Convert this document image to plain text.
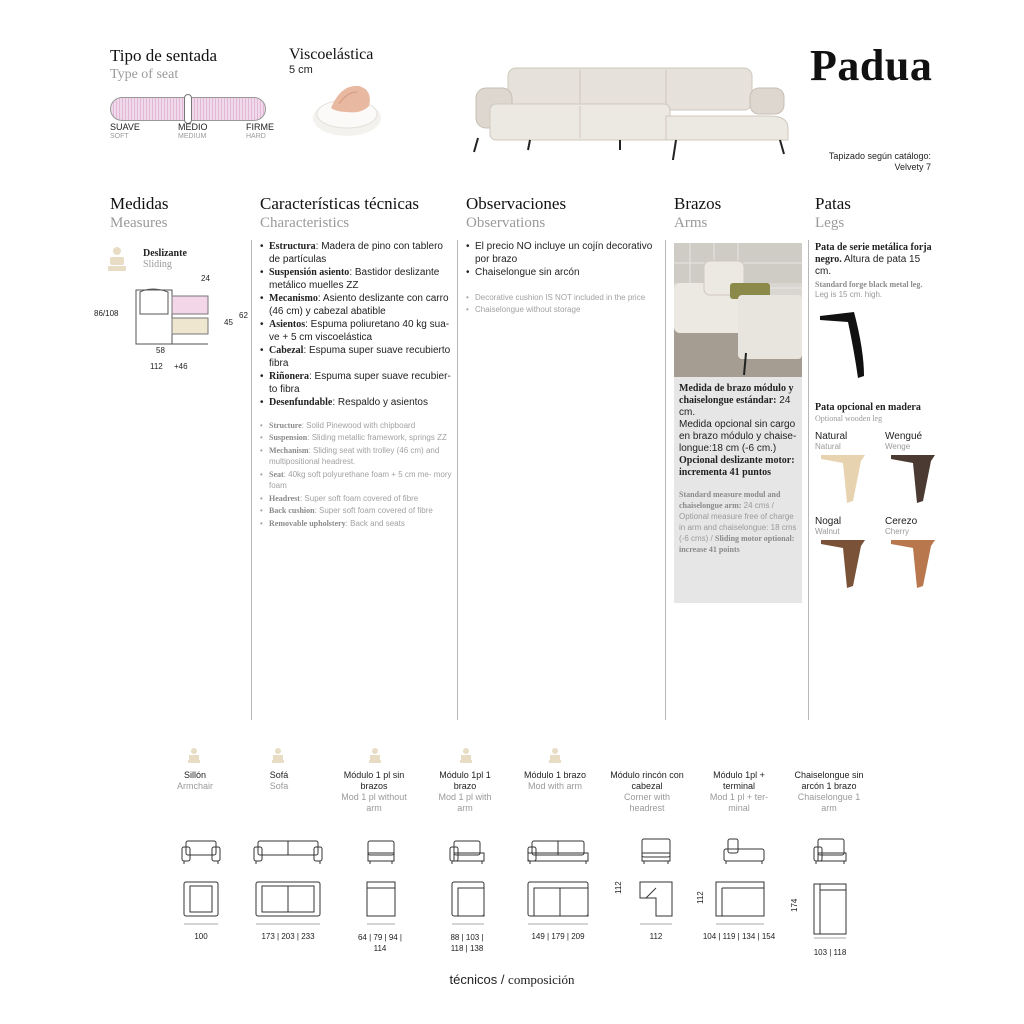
Tipo de sentada
Type of seat
SUAVE
SOFT
MEDIO
MEDIUM
FIRME
HARD
Viscoelástica
5 cm	Padua
Tapizado según catálogo:
Velvety 7
Medidas
Measures
Características técnicas
Characteristics
Observaciones
Observations
Brazos
Arms
Patas
Legs
Deslizante
Sliding
24
86/108	62
45
58
112 +46
• Estructura: Madera de pino con tablero de partículas
• Suspensión asiento: Bastidor deslizante metálico muelles ZZ
• Mecanismo: Asiento deslizante con carro (46 cm) y cabezal abatible
• Asientos: Espuma poliuretano 40 kg sua- ve + 5 cm viscoelástica
• Cabezal: Espuma super suave recubierto fibra
• Riñonera: Espuma super suave recubier- to fibra
• Desenfundable: Respaldo y asientos
• Structure: Solid Pinewood with chipboard
• Suspension: Sliding metallic framework, springs ZZ
• Mechanism: Sliding seat with trolley (46 cm) and multipositional headrest.
• Seat: 40kg soft polyurethane foam + 5 cm me- mory foam
• Headrest: Super soft foam covered of fibre
• Back cushion: Super soft foam covered of fibre
• Removable upholstery: Back and seats
• El precio NO incluye un cojín decorativo por brazo
• Chaiselongue sin arcón
• Decorative cushion IS NOT included in the price
• Chaiselongue without storage
Medida de brazo módulo y chaiselongue estándar: 24 cm.
Medida opcional sin cargo en brazo módulo y chaise- longue:18 cm (-6 cm.)
Opcional deslizante motor: incrementa 41 puntos
Standard measure modul and chaiselongue arm: 24 cms / Optional measure free of charge in arm and chaiselongue: 18 cms (-6 cms) / Sliding motor optional: increase 41 points
Pata de serie metálica forja negro. Altura de pata 15 cm.
Standard forge black metal leg. Leg is 15 cm. high.
Pata opcional en madera
Optional wooden leg
Natural
Natural
Wengué
Wenge
Nogal
Walnut
Cerezo
Cherry
Sillón
Armchair
Sofá
Sofa
Módulo 1 pl sin brazos
Mod 1 pl without arm
Módulo 1pl 1 brazo
Mod 1 pl with arm
Módulo 1 brazo
Mod with arm
Módulo rincón con cabezal
Corner with headrest
Módulo 1pl + terminal
Mod 1 pl + ter- minal
Chaiselongue sin arcón 1 brazo
Chaiselongue 1 arm
112
112
174
100	173 | 203 | 233	64 | 79 | 94 | 114
88 | 103 | 118 | 138
149 | 179 | 209	112	104 | 119 | 134 | 154
103 | 118
técnicos / composición
